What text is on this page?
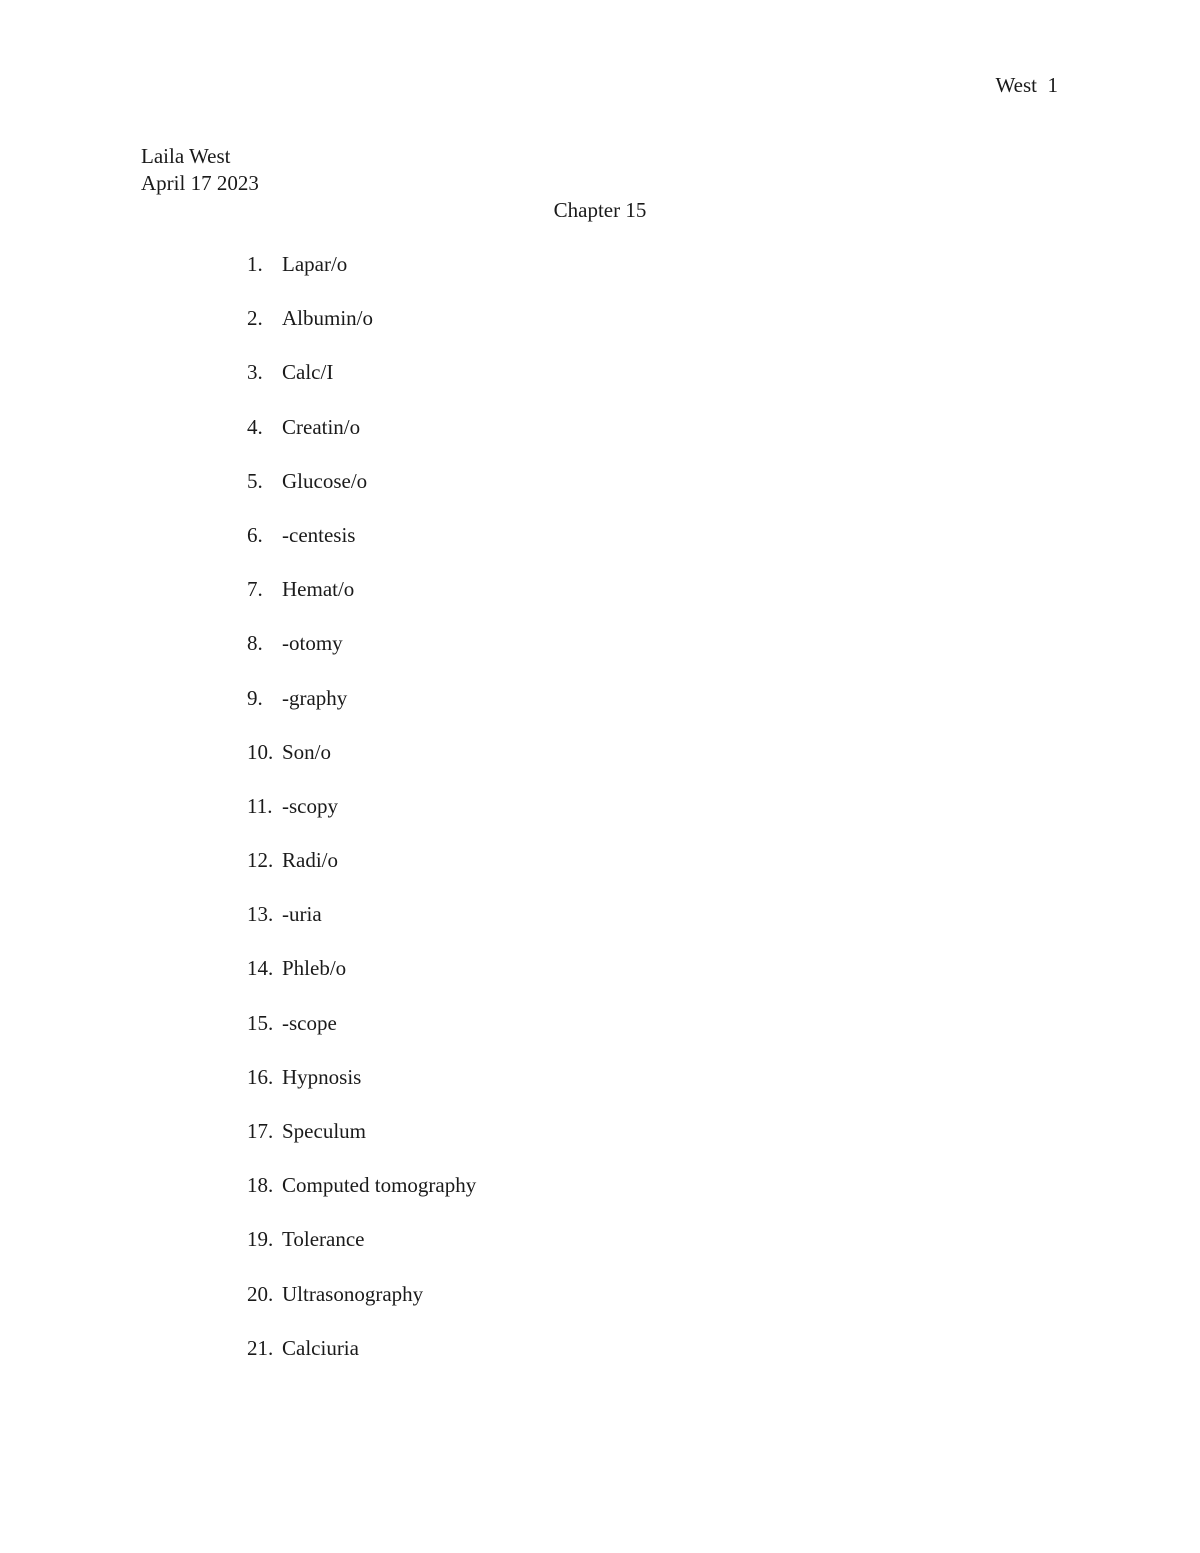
West  1
Laila West
April 17 2023
Chapter 15
1. Lapar/o
2. Albumin/o
3. Calc/I
4. Creatin/o
5. Glucose/o
6. -centesis
7. Hemat/o
8. -otomy
9. -graphy
10. Son/o
11. -scopy
12. Radi/o
13. -uria
14. Phleb/o
15. -scope
16. Hypnosis
17. Speculum
18. Computed tomography
19. Tolerance
20. Ultrasonography
21. Calciuria
